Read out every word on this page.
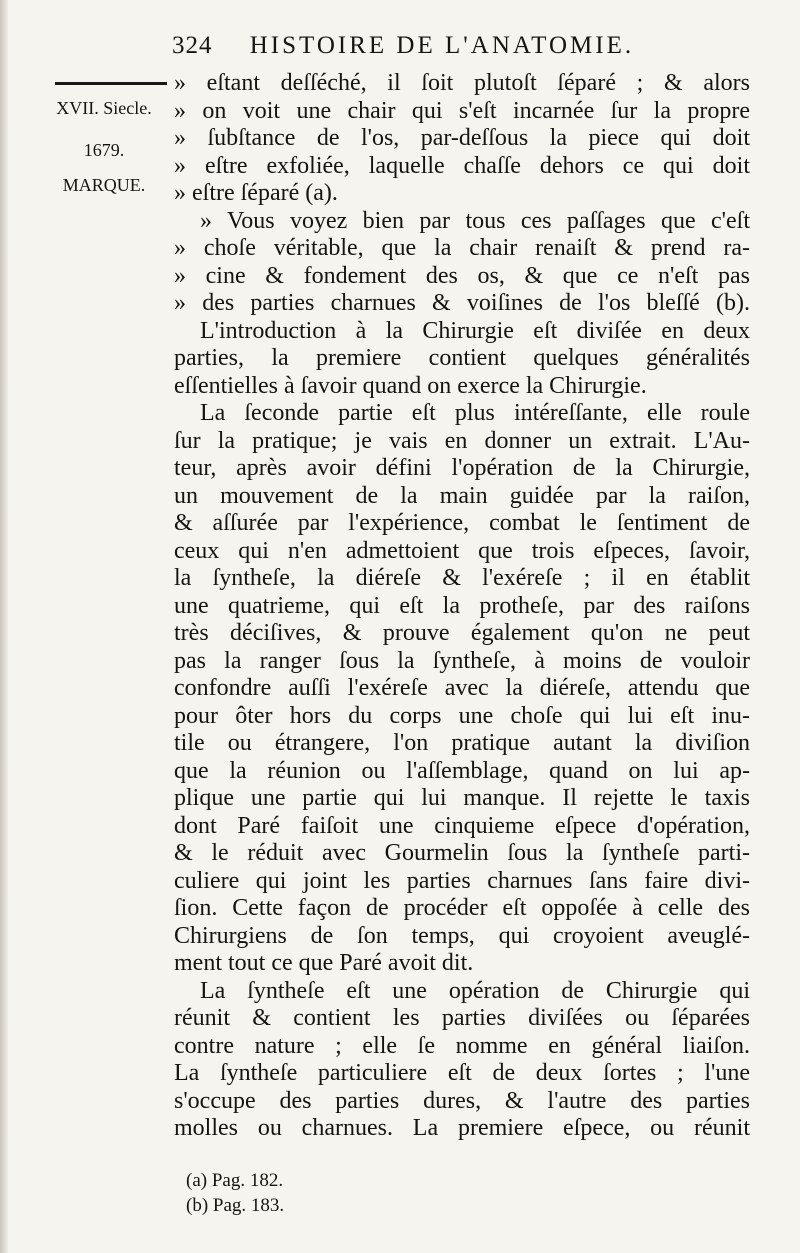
324 HISTOIRE DE L'ANATOMIE.
XVII. Siecle.
1679.
MARQUE.
» eſtant deſſéché, il ſoit plutoſt ſéparé ; & alors
» on voit une chair qui s'eſt incarnée ſur la propre
» ſubſtance de l'os, par-deſſous la piece qui doit
» eſtre exfoliée, laquelle chaſſe dehors ce qui doit
» eſtre ſéparé (a).
» Vous voyez bien par tous ces paſſages que c'eſt
» choſe véritable, que la chair renaiſt & prend ra-
» cine & fondement des os, & que ce n'eſt pas
» des parties charnues & voiſines de l'os bleſſé (b).
L'introduction à la Chirurgie eſt diviſée en deux
parties, la premiere contient quelques généralités
eſſentielles à ſavoir quand on exerce la Chirurgie.
La ſeconde partie eſt plus intéreſſante, elle roule
ſur la pratique; je vais en donner un extrait. L'Au-
teur, après avoir défini l'opération de la Chirurgie,
un mouvement de la main guidée par la raiſon,
& aſſurée par l'expérience, combat le ſentiment de
ceux qui n'en admettoient que trois eſpeces, ſavoir,
la ſyntheſe, la diéreſe & l'exéreſe ; il en établit
une quatrieme, qui eſt la protheſe, par des raiſons
très déciſives, & prouve également qu'on ne peut
pas la ranger ſous la ſyntheſe, à moins de vouloir
confondre auſſi l'exéreſe avec la diéreſe, attendu que
pour ôter hors du corps une choſe qui lui eſt inu-
tile ou étrangere, l'on pratique autant la diviſion
que la réunion ou l'aſſemblage, quand on lui ap-
plique une partie qui lui manque. Il rejette le taxis
dont Paré faiſoit une cinquieme eſpece d'opération,
& le réduit avec Gourmelin ſous la ſyntheſe parti-
culiere qui joint les parties charnues ſans faire divi-
ſion. Cette façon de procéder eſt oppoſée à celle des
Chirurgiens de ſon temps, qui croyoient aveuglé-
ment tout ce que Paré avoit dit.
La ſyntheſe eſt une opération de Chirurgie qui
réunit & contient les parties diviſées ou ſéparées
contre nature ; elle ſe nomme en général liaiſon.
La ſyntheſe particuliere eſt de deux ſortes ; l'une
s'occupe des parties dures, & l'autre des parties
molles ou charnues. La premiere eſpece, ou réunit
(a) Pag. 182.
(b) Pag. 183.
